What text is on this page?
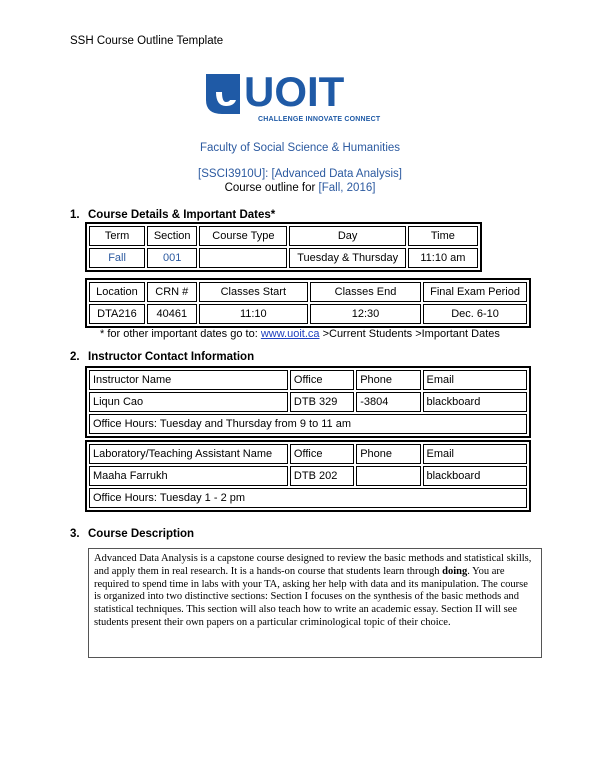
SSH Course Outline Template
UOIT
CHALLENGE INNOVATE CONNECT
Faculty of Social Science & Humanities
[SSCI3910U]: [Advanced Data Analysis]
Course outline for [Fall, 2016]
1. Course Details & Important Dates*
Term	Section	Course Type	Day	Time
Fall	001		Tuesday & Thursday	11:10 am
Location	CRN #	Classes Start	Classes End	Final Exam Period
DTA216	40461	11:10	12:30	Dec. 6-10
* for other important dates go to: www.uoit.ca >Current Students >Important Dates
2. Instructor Contact Information
Instructor Name	Office	Phone	Email
Liqun Cao	DTB 329	-3804	blackboard
Office Hours: Tuesday and Thursday from 9 to 11 am			
Laboratory/Teaching Assistant Name	Office	Phone	Email
Maaha Farrukh	DTB 202		blackboard
Office Hours: Tuesday 1 - 2 pm			
3. Course Description
Advanced Data Analysis is a capstone course designed to review the basic methods and statistical skills, and apply them in real research. It is a hands-on course that students learn through doing. You are required to spend time in labs with your TA, asking her help with data and its manipulation. The course is organized into two distinctive sections: Section I focuses on the synthesis of the basic methods and statistical techniques. This section will also teach how to write an academic essay. Section II will see students present their own papers on a particular criminological topic of their choice.
